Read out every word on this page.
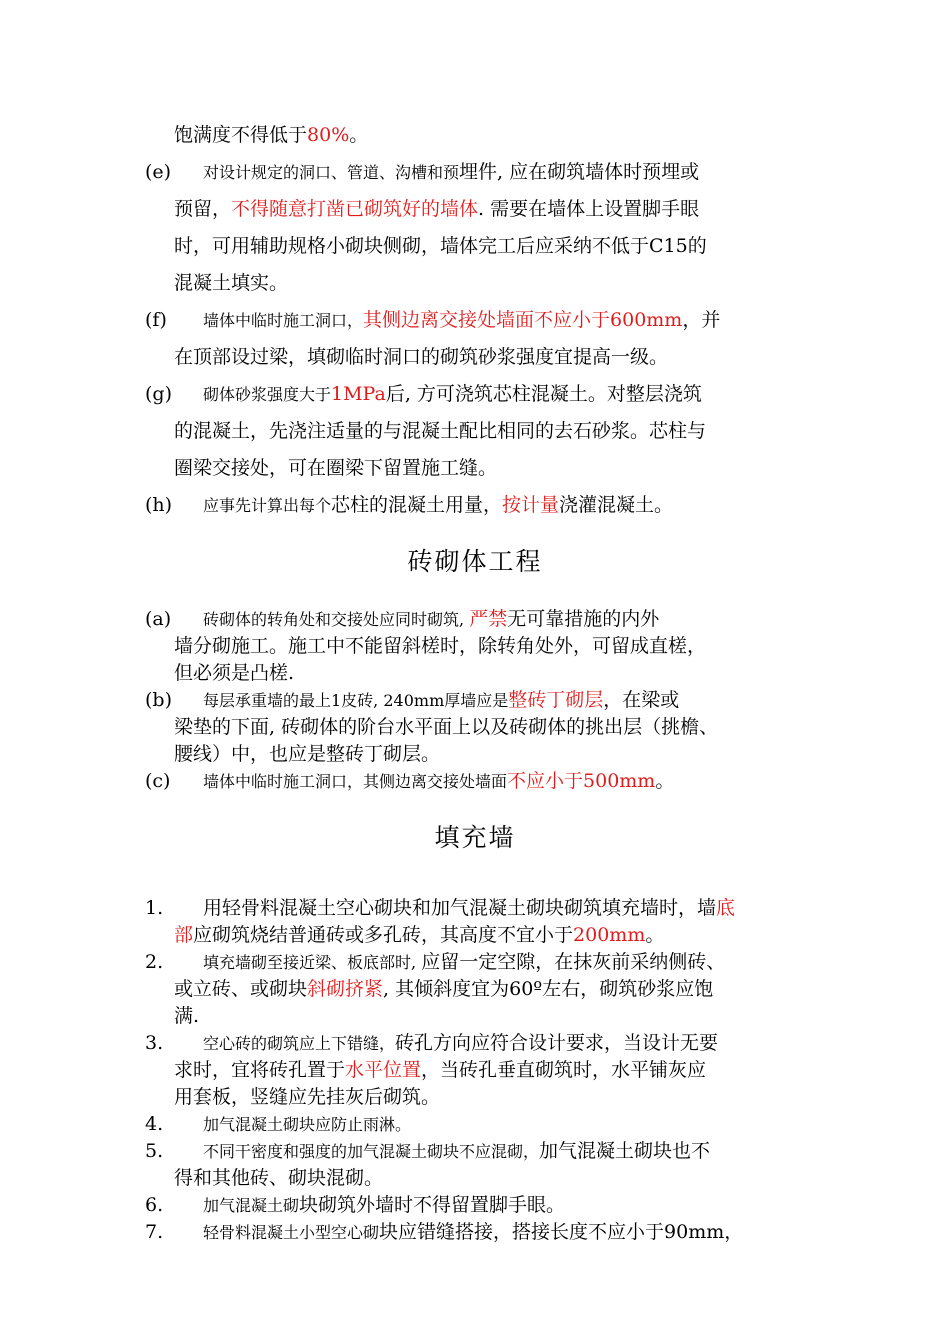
饱满度不得低于80%。
(e) 对设计规定的洞口、管道、沟槽和预埋件, 应在砌筑墙体时预埋或
预留，不得随意打凿已砌筑好的墙体. 需要在墙体上设置脚手眼
时，可用辅助规格小砌块侧砌，墙体完工后应采纳不低于C15的
混凝土填实。
(f) 墙体中临时施工洞口，其侧边离交接处墙面不应小于600mm，并
在顶部设过梁，填砌临时洞口的砌筑砂浆强度宜提高一级。
(g) 砌体砂浆强度大于1MPa后, 方可浇筑芯柱混凝土。对整层浇筑
的混凝土，先浇注适量的与混凝土配比相同的去石砂浆。芯柱与
圈梁交接处，可在圈梁下留置施工缝。
(h) 应事先计算出每个芯柱的混凝土用量，按计量浇灌混凝土。
砖砌体工程
(a) 砖砌体的转角处和交接处应同时砌筑, 严禁无可靠措施的内外
墙分砌施工。施工中不能留斜槎时，除转角处外，可留成直槎，
但必须是凸槎.
(b) 每层承重墙的最上1皮砖, 240mm厚墙应是整砖丁砌层，在梁或
梁垫的下面, 砖砌体的阶台水平面上以及砖砌体的挑出层（挑檐、
腰线）中，也应是整砖丁砌层。
(c) 墙体中临时施工洞口，其侧边离交接处墙面不应小于500mm。
填充墙
1. 用轻骨料混凝土空心砌块和加气混凝土砌块砌筑填充墙时，墙底
部应砌筑烧结普通砖或多孔砖，其高度不宜小于200mm。
2. 填充墙砌至接近梁、板底部时, 应留一定空隙，在抹灰前采纳侧砖、
或立砖、或砌块斜砌挤紧, 其倾斜度宜为60º左右，砌筑砂浆应饱
满.
3. 空心砖的砌筑应上下错缝，砖孔方向应符合设计要求，当设计无要
求时，宜将砖孔置于水平位置，当砖孔垂直砌筑时，水平铺灰应
用套板，竖缝应先挂灰后砌筑。
4. 加气混凝土砌块应防止雨淋。
5. 不同干密度和强度的加气混凝土砌块不应混砌，加气混凝土砌块也不
得和其他砖、砌块混砌。
6. 加气混凝土砌块砌筑外墙时不得留置脚手眼。
7. 轻骨料混凝土小型空心砌块应错缝搭接，搭接长度不应小于90mm，
